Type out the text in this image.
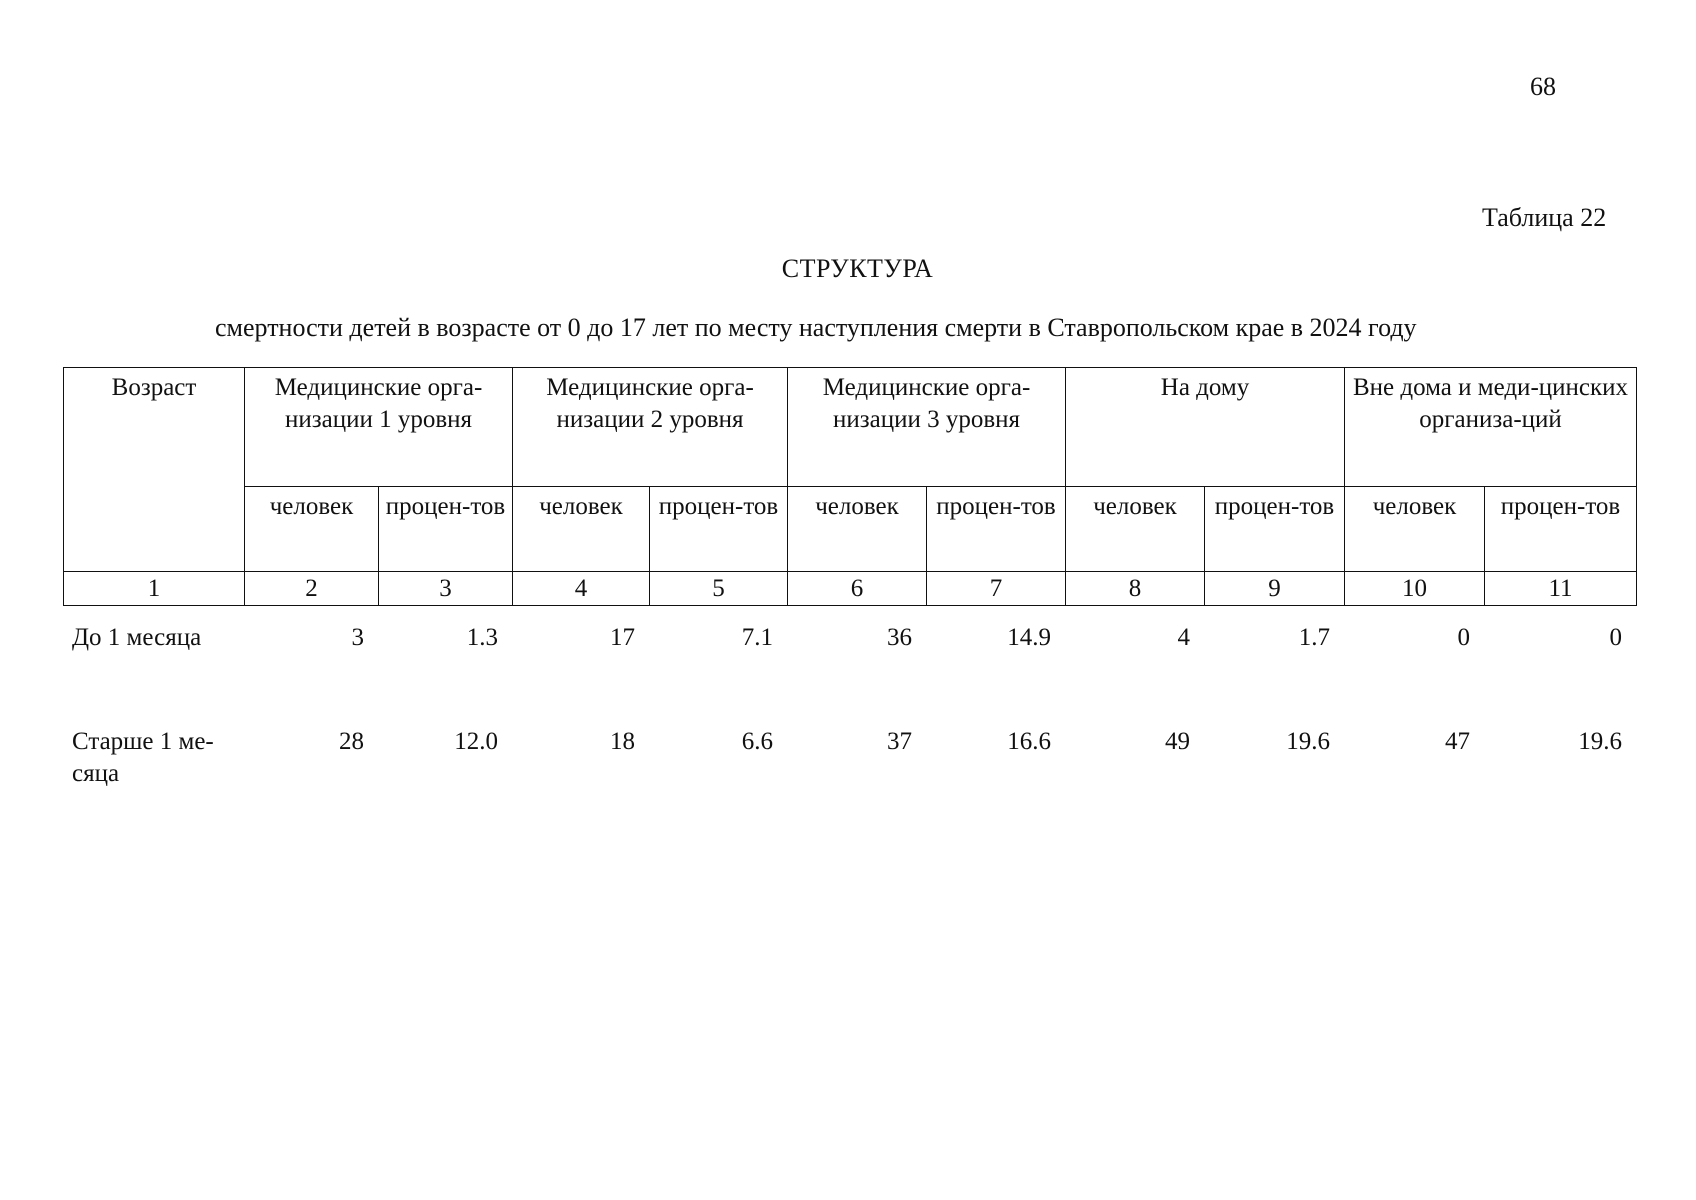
68
Таблица 22
СТРУКТУРА
смертности детей в возрасте от 0 до 17 лет по месту наступления смерти в Ставропольском крае в 2024 году
Возраст	Медицинские орга-низации 1 уровня		Медицинские орга-низации 2 уровня		Медицинские орга-низации 3 уровня		На дому		Вне дома и меди-цинских организа-ций	
	человек	процен-тов	человек	процен-тов	человек	процен-тов	человек	процен-тов	человек	процен-тов
1	2	3	4	5	6	7	8	9	10	11
До 1 месяца	3	1.3	17	7.1	36	14.9	4	1.7	0	0
Старше 1 ме-сяца	28	12.0	18	6.6	37	16.6	49	19.6	47	19.6
